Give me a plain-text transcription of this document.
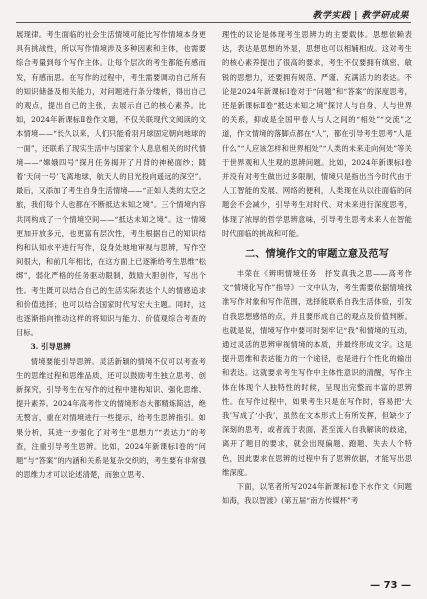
教学实践 | 教学研成果

展现律。考生面临的社会生活情境可能比写作情境本身更具有挑战性，所以写作情境涉及多种因素和主体，也需要综合考量到每个写作主体。让每个层次的考生都能有感而发，有感而思。在写作的过程中，考生需要调动自己所有的知识储备及相关能力，对问题进行条分缕析，得出自己的观点，提出自己的主张，去展示自己的核心素养。比如，2024年新课标Ⅱ卷作文题，不仅关联现代文阅读的文本情境——“长久以来，人们只能肴羽月球固定朝向地球的一面”，还联系了现实生活中与国家个人息息相关的时代情境——“嫦娥四号”探月任务揭开了月背的神秘面纱；随着‘天问一号’飞离地球，航天人的目光投向遥远的深空”。最后，又添加了考生自身生活情境——“正如人类的太空之旅，我们每个人也都在不断抵达未知之境”。三个情境内容共同构成了一个情境空间——“抵达未知之境”。这一情境更加开放多元，也更富有层次性，考生根据自己的知识结构和认知水平进行写作，设身处地地审视与思辨，写作空间很大，和前几年相比，在这方面上已逐渐给考生思维“松绑”，弱化严格的任务驱动限制，鼓励大胆创作，写出个性。考生既可以结合自己的生活实际表达个人的情感追求和价值选择；也可以结合国家时代写宏大主题。同时，这也逐渐指向推动这样的将知识与能力、价值观综合考查的目标。

3. 引导思辨

情境要能引导思辨。灵活新颖的情境不仅可以考查考生的思维过程和思维品质，还可以鼓励考生独立思考、创新探究，引导考生在写作的过程中建构知识、强化思维、提升素养。2024年高考作文的情境形态大都精炼简洁，绝无赘言，重在对情境进行一些提示，给考生思辨指引。如果分析，其进一步强化了对考生“思想力”“表达力”的考查，注重引导考生思辨。比如，2024年新课标Ⅰ卷的“问题”与“答案”的内涵和关系是复杂交织的，考生要有非常强的思维力才可以论述清楚，而独立思考、

理性的议论是体现考生思辨力的主要载体。思想依赖表达，表达是思想的外显，思想也可以相辅相成。这对考生的核心素养提出了很高的要求，考生不仅要拥有缜密、敏锐的思想力，还要拥有规范、严谨、充满活力的表达。不论是2024年新课标Ⅰ卷对于“问题”和“答案”的深度思考，还是新课标Ⅱ卷“抵达未知之境”探讨人与自身、人与世界的关系，抑或是全国甲卷人与人之间的“相处”“交流”之道，作文情境的落脚点都在“人”，都在引导考生思考“人是什么”“人应该怎样和世界相处”“人类的未来走向何处”等关于世界观和人生观的思辨问题。比如，2024年新课标Ⅰ卷并没有对考生做出过多限制，情境只是指出当今时代由于人工智能的发展、网络的便利，人类现在从以往面临的问题会不会减少，引导考生对时代、对未来进行深度思考，体现了浓厚的哲学思辨意味，引导考生思考未来人在智能时代面临的挑战和可能。

二、情境作文的审题立意及范写

丰荣在《辨明情境任务　抒发真我之思——高考作文“情境化写作”指导》一文中认为，考生需要依据情境找准写作对象和写作范围，选择能联系自我生活体验，引发自我思想感悟的点，并且要形成自己的观点及价值判断。也就是说，情境写作中要可时刻牢记“我”和情境的互动，通过灵活的思辨审视情境的本质，并最终形成文字。这是提升思维和表达能力的一个途径，也是进行个性化的输出和表达。这就要求考生写作中主体性意识的清醒，写作主体在体现个人独特性的时候，呈现出完整而丰富的思辨性。在写作过程中，如果考生只是在写作时，容易把‘大我’写成了‘小我’，虽然在文本形式上有所发挥，但缺少了深刻的思考，或者流于表面，甚至流入自我解读的歧途，离开了题目的要求，就会出现偏题、跑题、失去人个特色，因此要求在思辨的过程中有了思辨依据，才能写出思维深度。

下面，以笔者所写2024年新课标Ⅰ卷下水作文《问题如海，我以智渡》(第五届“南方传媒杯”考

— 73 —
